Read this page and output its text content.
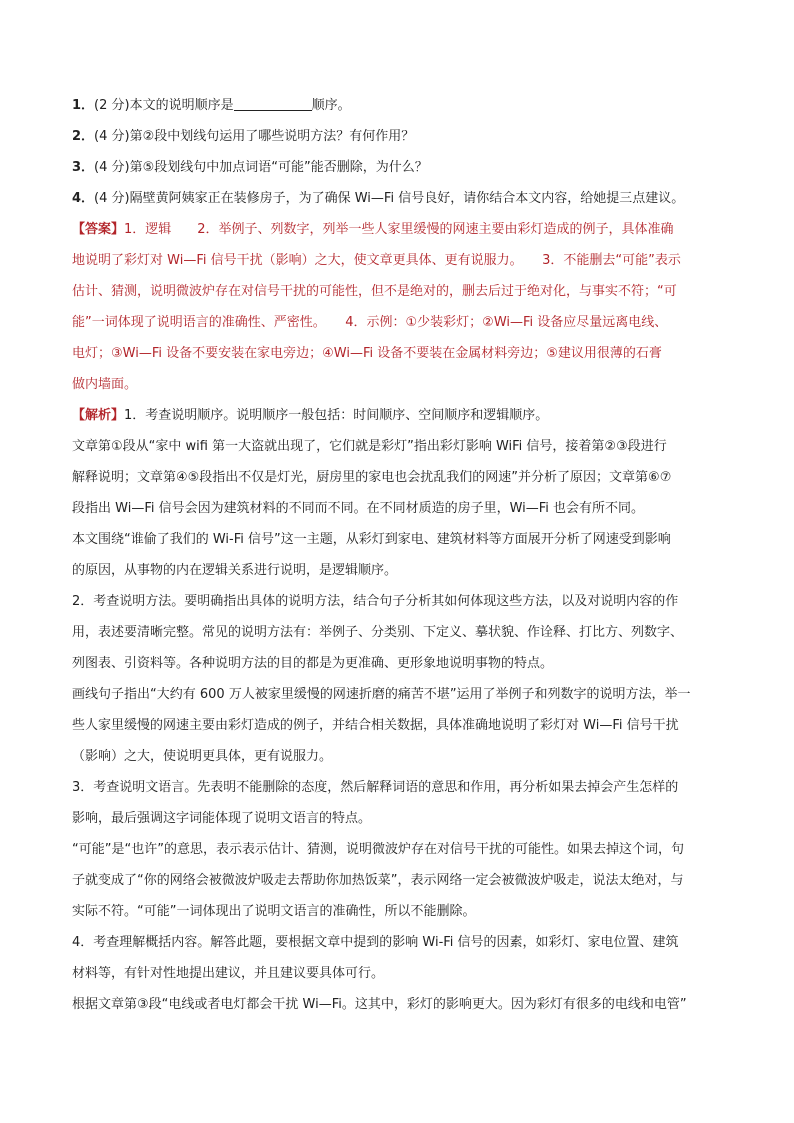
1．(2 分)本文的说明顺序是	顺序。

2．(4 分)第②段中划线句运用了哪些说明方法？有何作用？

3．(4 分)第⑤段划线句中加点词语“可能”能否删除，为什么？

4．(4 分)隔壁黄阿姨家正在装修房子，为了确保 Wi—Fi 信号良好，请你结合本文内容，给她提三点建议。

【答案】1．逻辑　　2．举例子、列数字，列举一些人家里缓慢的网速主要由彩灯造成的例子，具体准确

地说明了彩灯对 Wi—Fi 信号干扰（影响）之大，使文章更具体、更有说服力。　　3．不能删去“可能”表示

估计、猜测，说明微波炉存在对信号干扰的可能性，但不是绝对的，删去后过于绝对化，与事实不符；“可

能”一词体现了说明语言的准确性、严密性。　　4．示例：①少装彩灯；②Wi—Fi 设备应尽量远离电线、

电灯；③Wi—Fi 设备不要安装在家电旁边；④Wi—Fi 设备不要装在金属材料旁边；⑤建议用很薄的石膏

做内墙面。

【解析】1．考查说明顺序。说明顺序一般包括：时间顺序、空间顺序和逻辑顺序。

文章第①段从“家中 wifi 第一大盗就出现了，它们就是彩灯”指出彩灯影响 WiFi 信号，接着第②③段进行

解释说明；文章第④⑤段指出不仅是灯光，厨房里的家电也会扰乱我们的网速”并分析了原因；文章第⑥⑦

段指出 Wi—Fi 信号会因为建筑材料的不同而不同。在不同材质造的房子里，Wi—Fi 也会有所不同。

本文围绕“谁偷了我们的 Wi-Fi 信号”这一主题，从彩灯到家电、建筑材料等方面展开分析了网速受到影响

的原因，从事物的内在逻辑关系进行说明，是逻辑顺序。

2．考查说明方法。要明确指出具体的说明方法，结合句子分析其如何体现这些方法，以及对说明内容的作

用，表述要清晰完整。常见的说明方法有：举例子、分类别、下定义、摹状貌、作诠释、打比方、列数字、

列图表、引资料等。各种说明方法的目的都是为更准确、更形象地说明事物的特点。

画线句子指出“大约有 600 万人被家里缓慢的网速折磨的痛苦不堪”运用了举例子和列数字的说明方法，举一

些人家里缓慢的网速主要由彩灯造成的例子，并结合相关数据，具体准确地说明了彩灯对 Wi—Fi 信号干扰

（影响）之大，使说明更具体，更有说服力。

3．考查说明文语言。先表明不能删除的态度，然后解释词语的意思和作用，再分析如果去掉会产生怎样的

影响，最后强调这字词能体现了说明文语言的特点。

“可能”是“也许”的意思，表示表示估计、猜测，说明微波炉存在对信号干扰的可能性。如果去掉这个词，句

子就变成了“你的网络会被微波炉吸走去帮助你加热饭菜”，表示网络一定会被微波炉吸走，说法太绝对，与

实际不符。“可能”一词体现出了说明文语言的准确性，所以不能删除。

4．考查理解概括内容。解答此题，要根据文章中提到的影响 Wi-Fi 信号的因素，如彩灯、家电位置、建筑

材料等，有针对性地提出建议，并且建议要具体可行。

根据文章第③段“电线或者电灯都会干扰 Wi—Fi。这其中，彩灯的影响更大。因为彩灯有很多的电线和电管”
